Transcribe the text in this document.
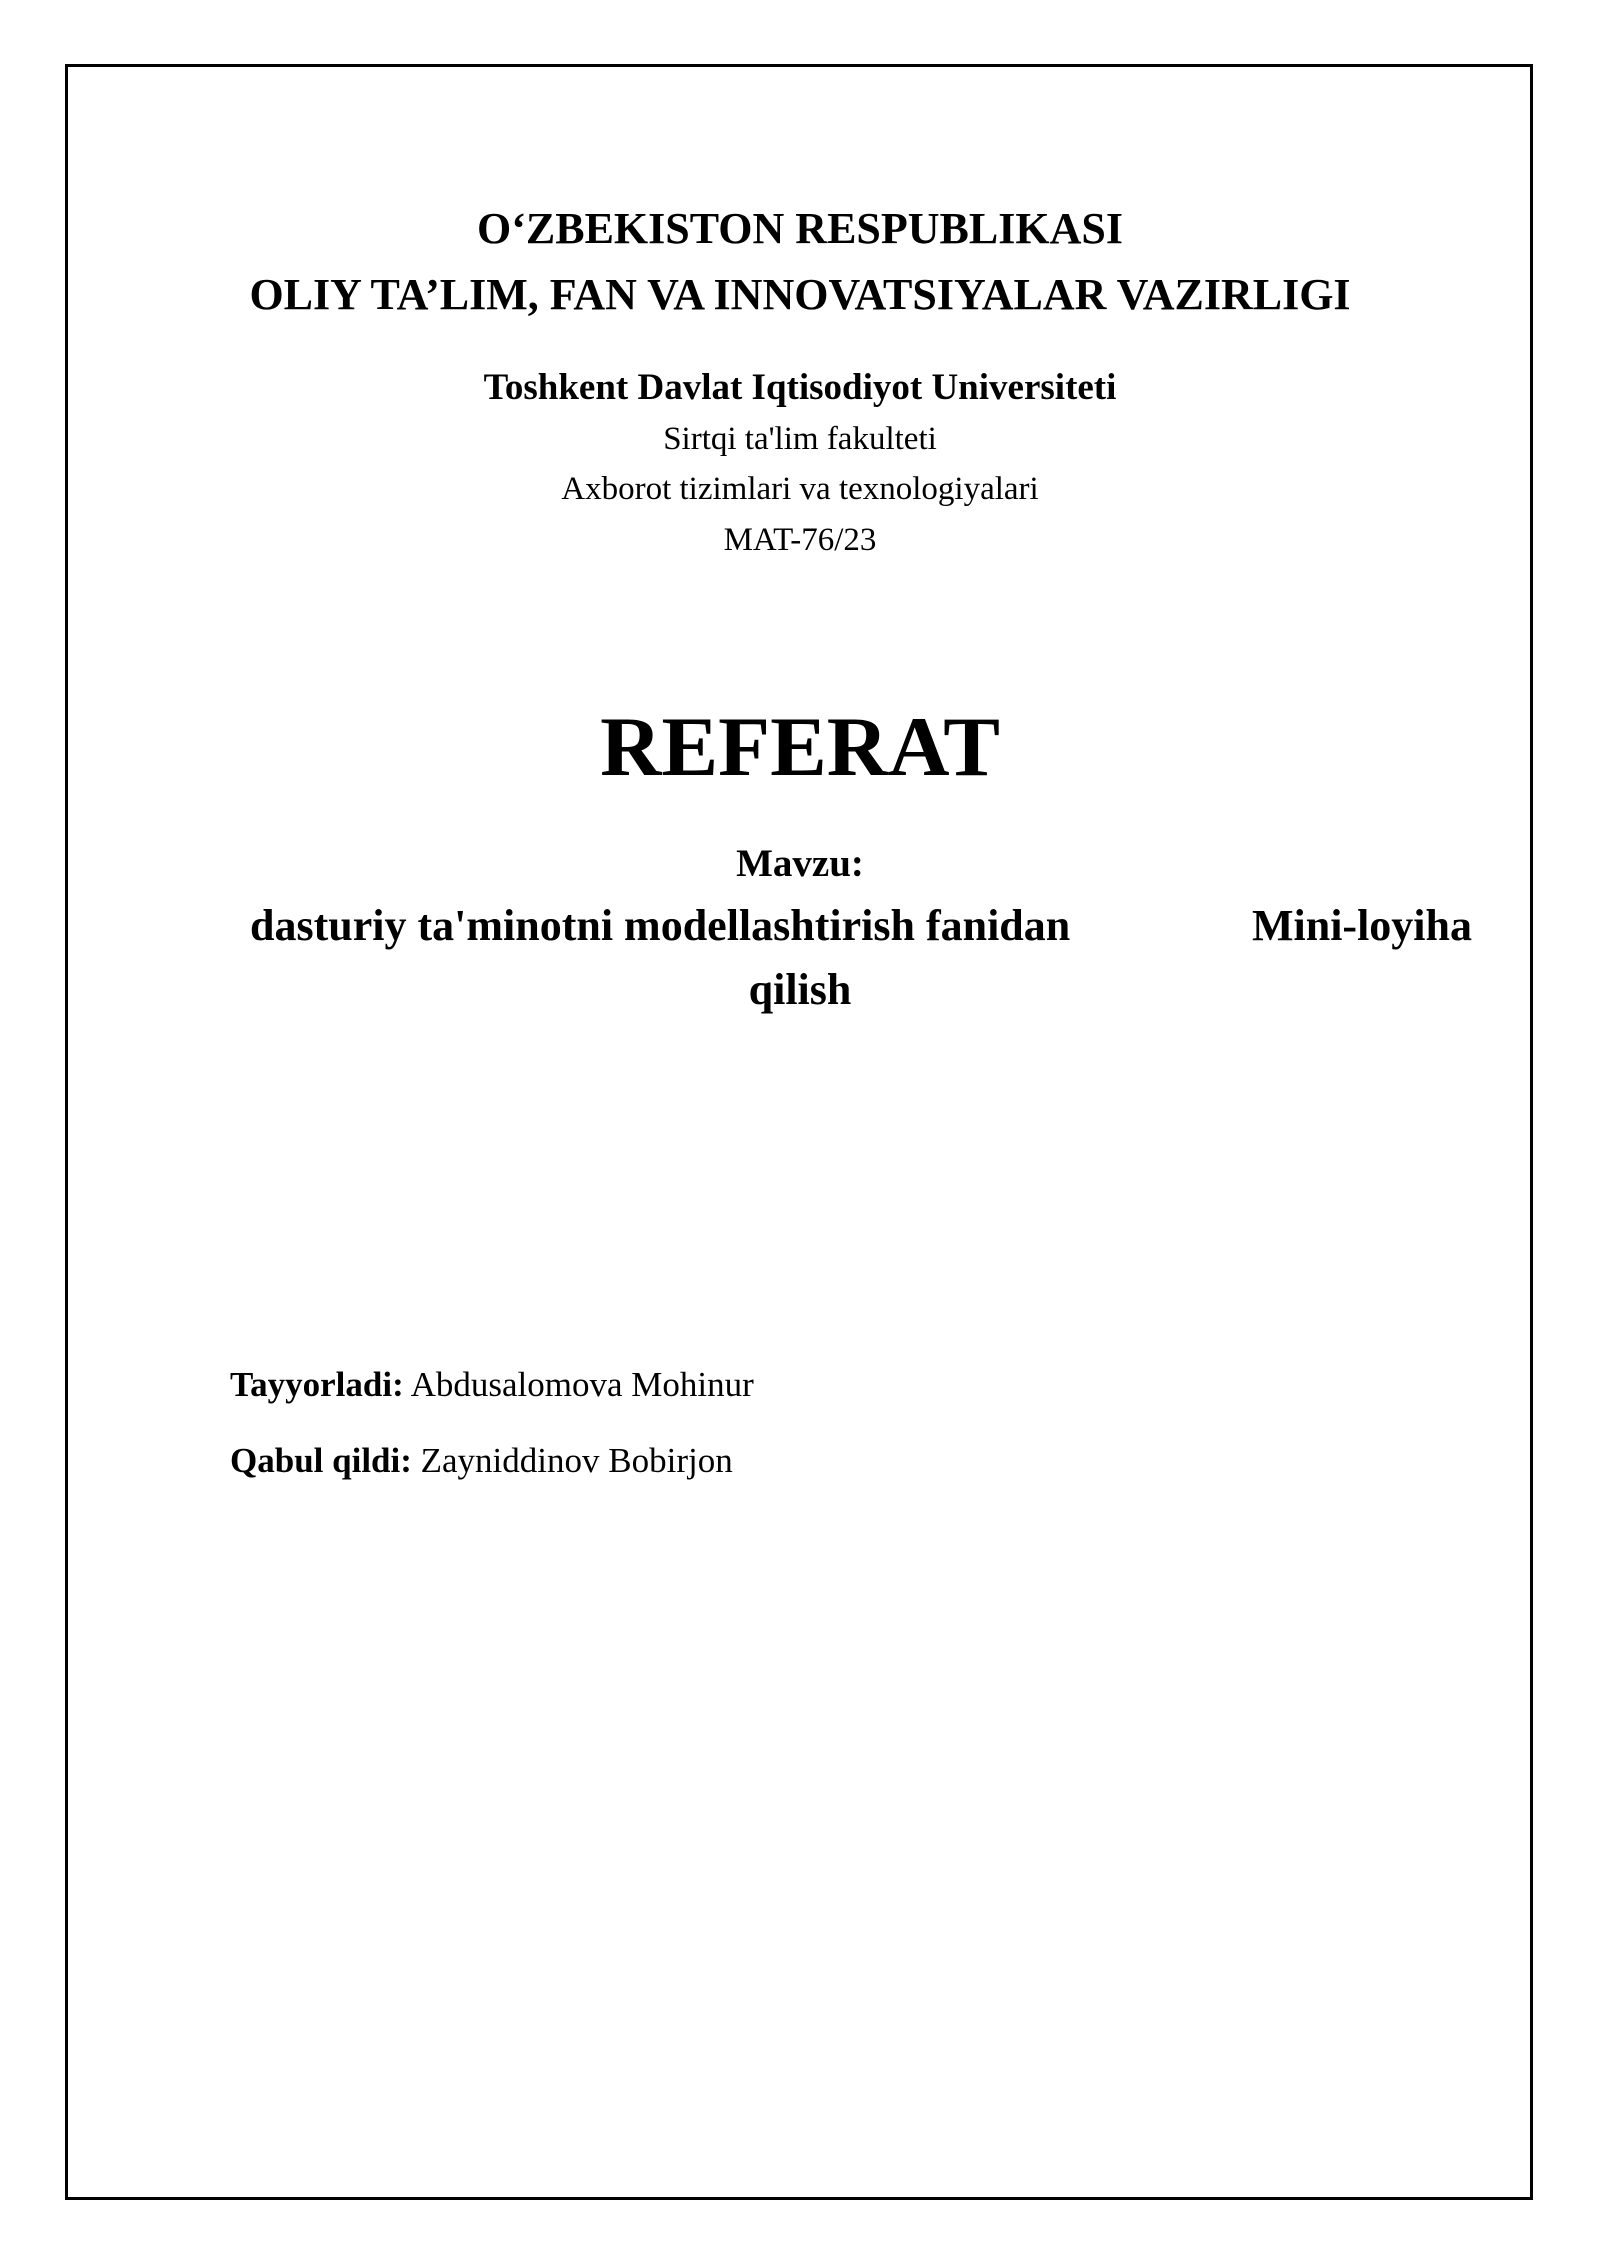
O‘ZBEKISTON RESPUBLIKASI
OLIY TA’LIM, FAN VA INNOVATSIYALAR VAZIRLIGI
Toshkent Davlat Iqtisodiyot Universiteti
Sirtqi ta'lim fakulteti
Axborot tizimlari va texnologiyalari
MAT-76/23
REFERAT
Mavzu:
dasturiy ta'minotni modellashtirish fanidan	Mini-loyiha
qilish
Tayyorladi: Abdusalomova Mohinur
Qabul qildi: Zayniddinov Bobirjon
